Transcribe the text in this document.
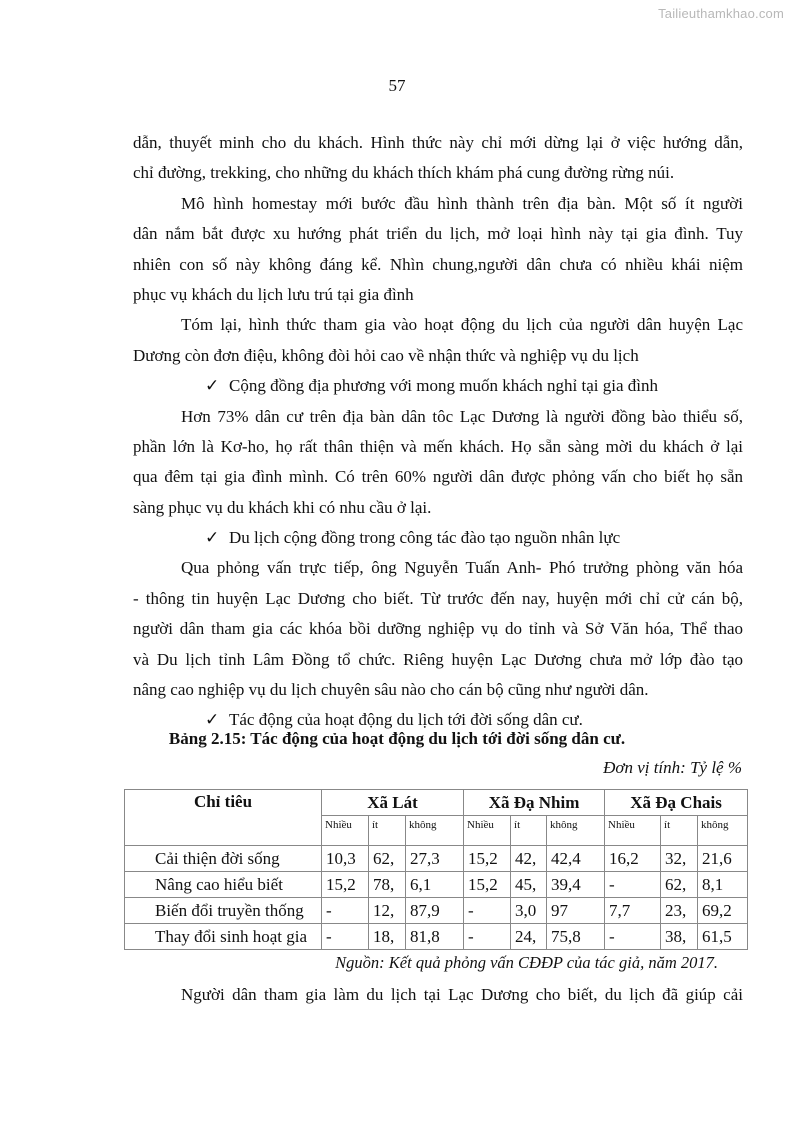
Tailieuthamkhao.com
57
dẫn, thuyết minh cho du khách. Hình thức này chỉ mới dừng lại ở việc hướng dẫn,
chỉ đường, trekking, cho những du khách thích khám phá cung đường rừng núi.
Mô hình homestay mới bước đầu hình thành trên địa bàn. Một số ít người
dân nắm bắt được xu hướng phát triển du lịch, mở loại hình này tại gia đình. Tuy
nhiên con số này không đáng kể. Nhìn chung,người dân chưa có nhiều khái niệm
phục vụ khách du lịch lưu trú tại gia đình
Tóm lại, hình thức tham gia vào hoạt động du lịch của người dân huyện Lạc
Dương còn đơn điệu, không đòi hỏi cao về nhận thức và nghiệp vụ du lịch
✓ Cộng đồng địa phương với mong muốn khách nghỉ tại gia đình
Hơn 73% dân cư trên địa bàn dân tôc Lạc Dương là người đồng bào thiểu số,
phần lớn là Kơ-ho, họ rất thân thiện và mến khách. Họ sẵn sàng mời du khách ở lại
qua đêm tại gia đình mình. Có trên 60% người dân được phỏng vấn cho biết họ sẵn
sàng phục vụ du khách khi có nhu cầu ở lại.
✓ Du lịch cộng đồng trong công tác đào tạo nguồn nhân lực
Qua phỏng vấn trực tiếp, ông Nguyễn Tuấn Anh- Phó trưởng phòng văn hóa
- thông tin huyện Lạc Dương cho biết. Từ trước đến nay, huyện mới chỉ cử cán bộ,
người dân tham gia các khóa bồi dưỡng nghiệp vụ do tỉnh và Sở Văn hóa, Thể thao
và Du lịch tỉnh Lâm Đồng tổ chức. Riêng huyện Lạc Dương chưa mở lớp đào tạo
nâng cao nghiệp vụ du lịch chuyên sâu nào cho cán bộ cũng như người dân.
✓ Tác động của hoạt động du lịch tới đời sống dân cư.
Bảng 2.15: Tác động của hoạt động du lịch tới đời sống dân cư.
Đơn vị tính: Tỷ lệ %
Chỉ tiêu	Xã Lát			Xã Đạ Nhim			Xã Đạ Chais		
	Nhiều	ít	không	Nhiều	ít	không	Nhiều	ít	không
Cải thiện đời sống	10,3	62,	27,3	15,2	42,	42,4	16,2	32,	21,6
Nâng cao hiểu biết	15,2	78,	6,1	15,2	45,	39,4	-	62,	8,1
Biến đổi truyền thống	-	12,	87,9	-	3,0	97	7,7	23,	69,2
Thay đổi sinh hoạt gia	-	18,	81,8	-	24,	75,8	-	38,	61,5
Nguồn: Kết quả phỏng vấn CĐĐP của tác giả, năm 2017.
Người dân tham gia làm du lịch tại Lạc Dương cho biết, du lịch đã giúp cải
